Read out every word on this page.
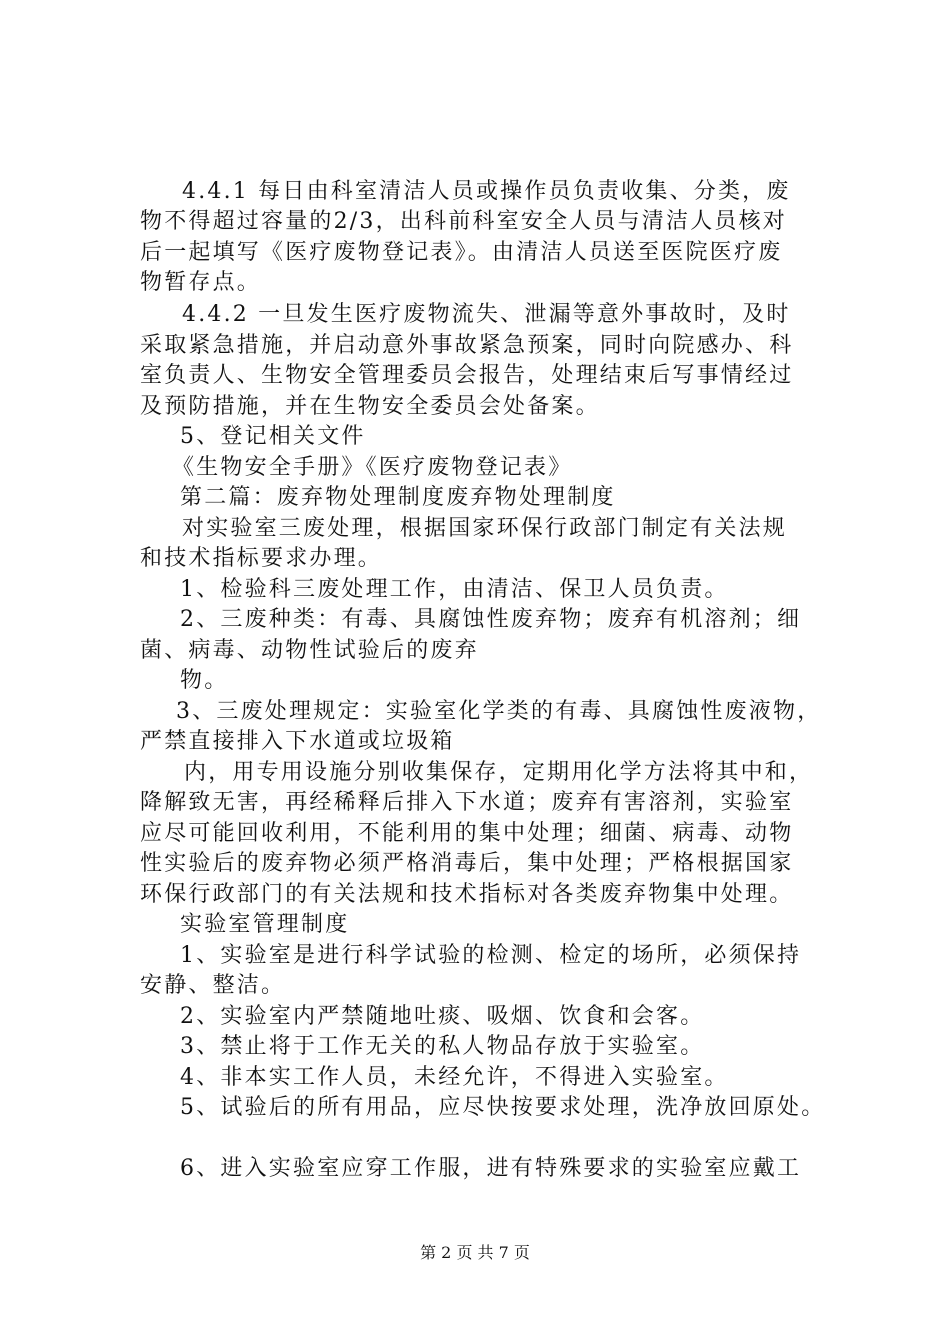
4.4.1 每日由科室清洁人员或操作员负责收集、分类，废
物不得超过容量的2/3，出科前科室安全人员与清洁人员核对
后一起填写《医疗废物登记表》。由清洁人员送至医院医疗废
物暂存点。
4.4.2 一旦发生医疗废物流失、泄漏等意外事故时，及时
采取紧急措施，并启动意外事故紧急预案，同时向院感办、科
室负责人、生物安全管理委员会报告，处理结束后写事情经过
及预防措施，并在生物安全委员会处备案。
5、登记相关文件
《生物安全手册》《医疗废物登记表》
第二篇：废弃物处理制度废弃物处理制度
对实验室三废处理，根据国家环保行政部门制定有关法规
和技术指标要求办理。
1、检验科三废处理工作，由清洁、保卫人员负责。
2、三废种类：有毒、具腐蚀性废弃物；废弃有机溶剂；细
菌、病毒、动物性试验后的废弃
物。
3、三废处理规定：实验室化学类的有毒、具腐蚀性废液物，
严禁直接排入下水道或垃圾箱
内，用专用设施分别收集保存，定期用化学方法将其中和，
降解致无害，再经稀释后排入下水道；废弃有害溶剂，实验室
应尽可能回收利用，不能利用的集中处理；细菌、病毒、动物
性实验后的废弃物必须严格消毒后，集中处理；严格根据国家
环保行政部门的有关法规和技术指标对各类废弃物集中处理。
实验室管理制度
1、实验室是进行科学试验的检测、检定的场所，必须保持
安静、整洁。
2、实验室内严禁随地吐痰、吸烟、饮食和会客。
3、禁止将于工作无关的私人物品存放于实验室。
4、非本实工作人员，未经允许，不得进入实验室。
5、试验后的所有用品，应尽快按要求处理，洗净放回原处。
6、进入实验室应穿工作服，进有特殊要求的实验室应戴工
第 2 页 共 7 页
